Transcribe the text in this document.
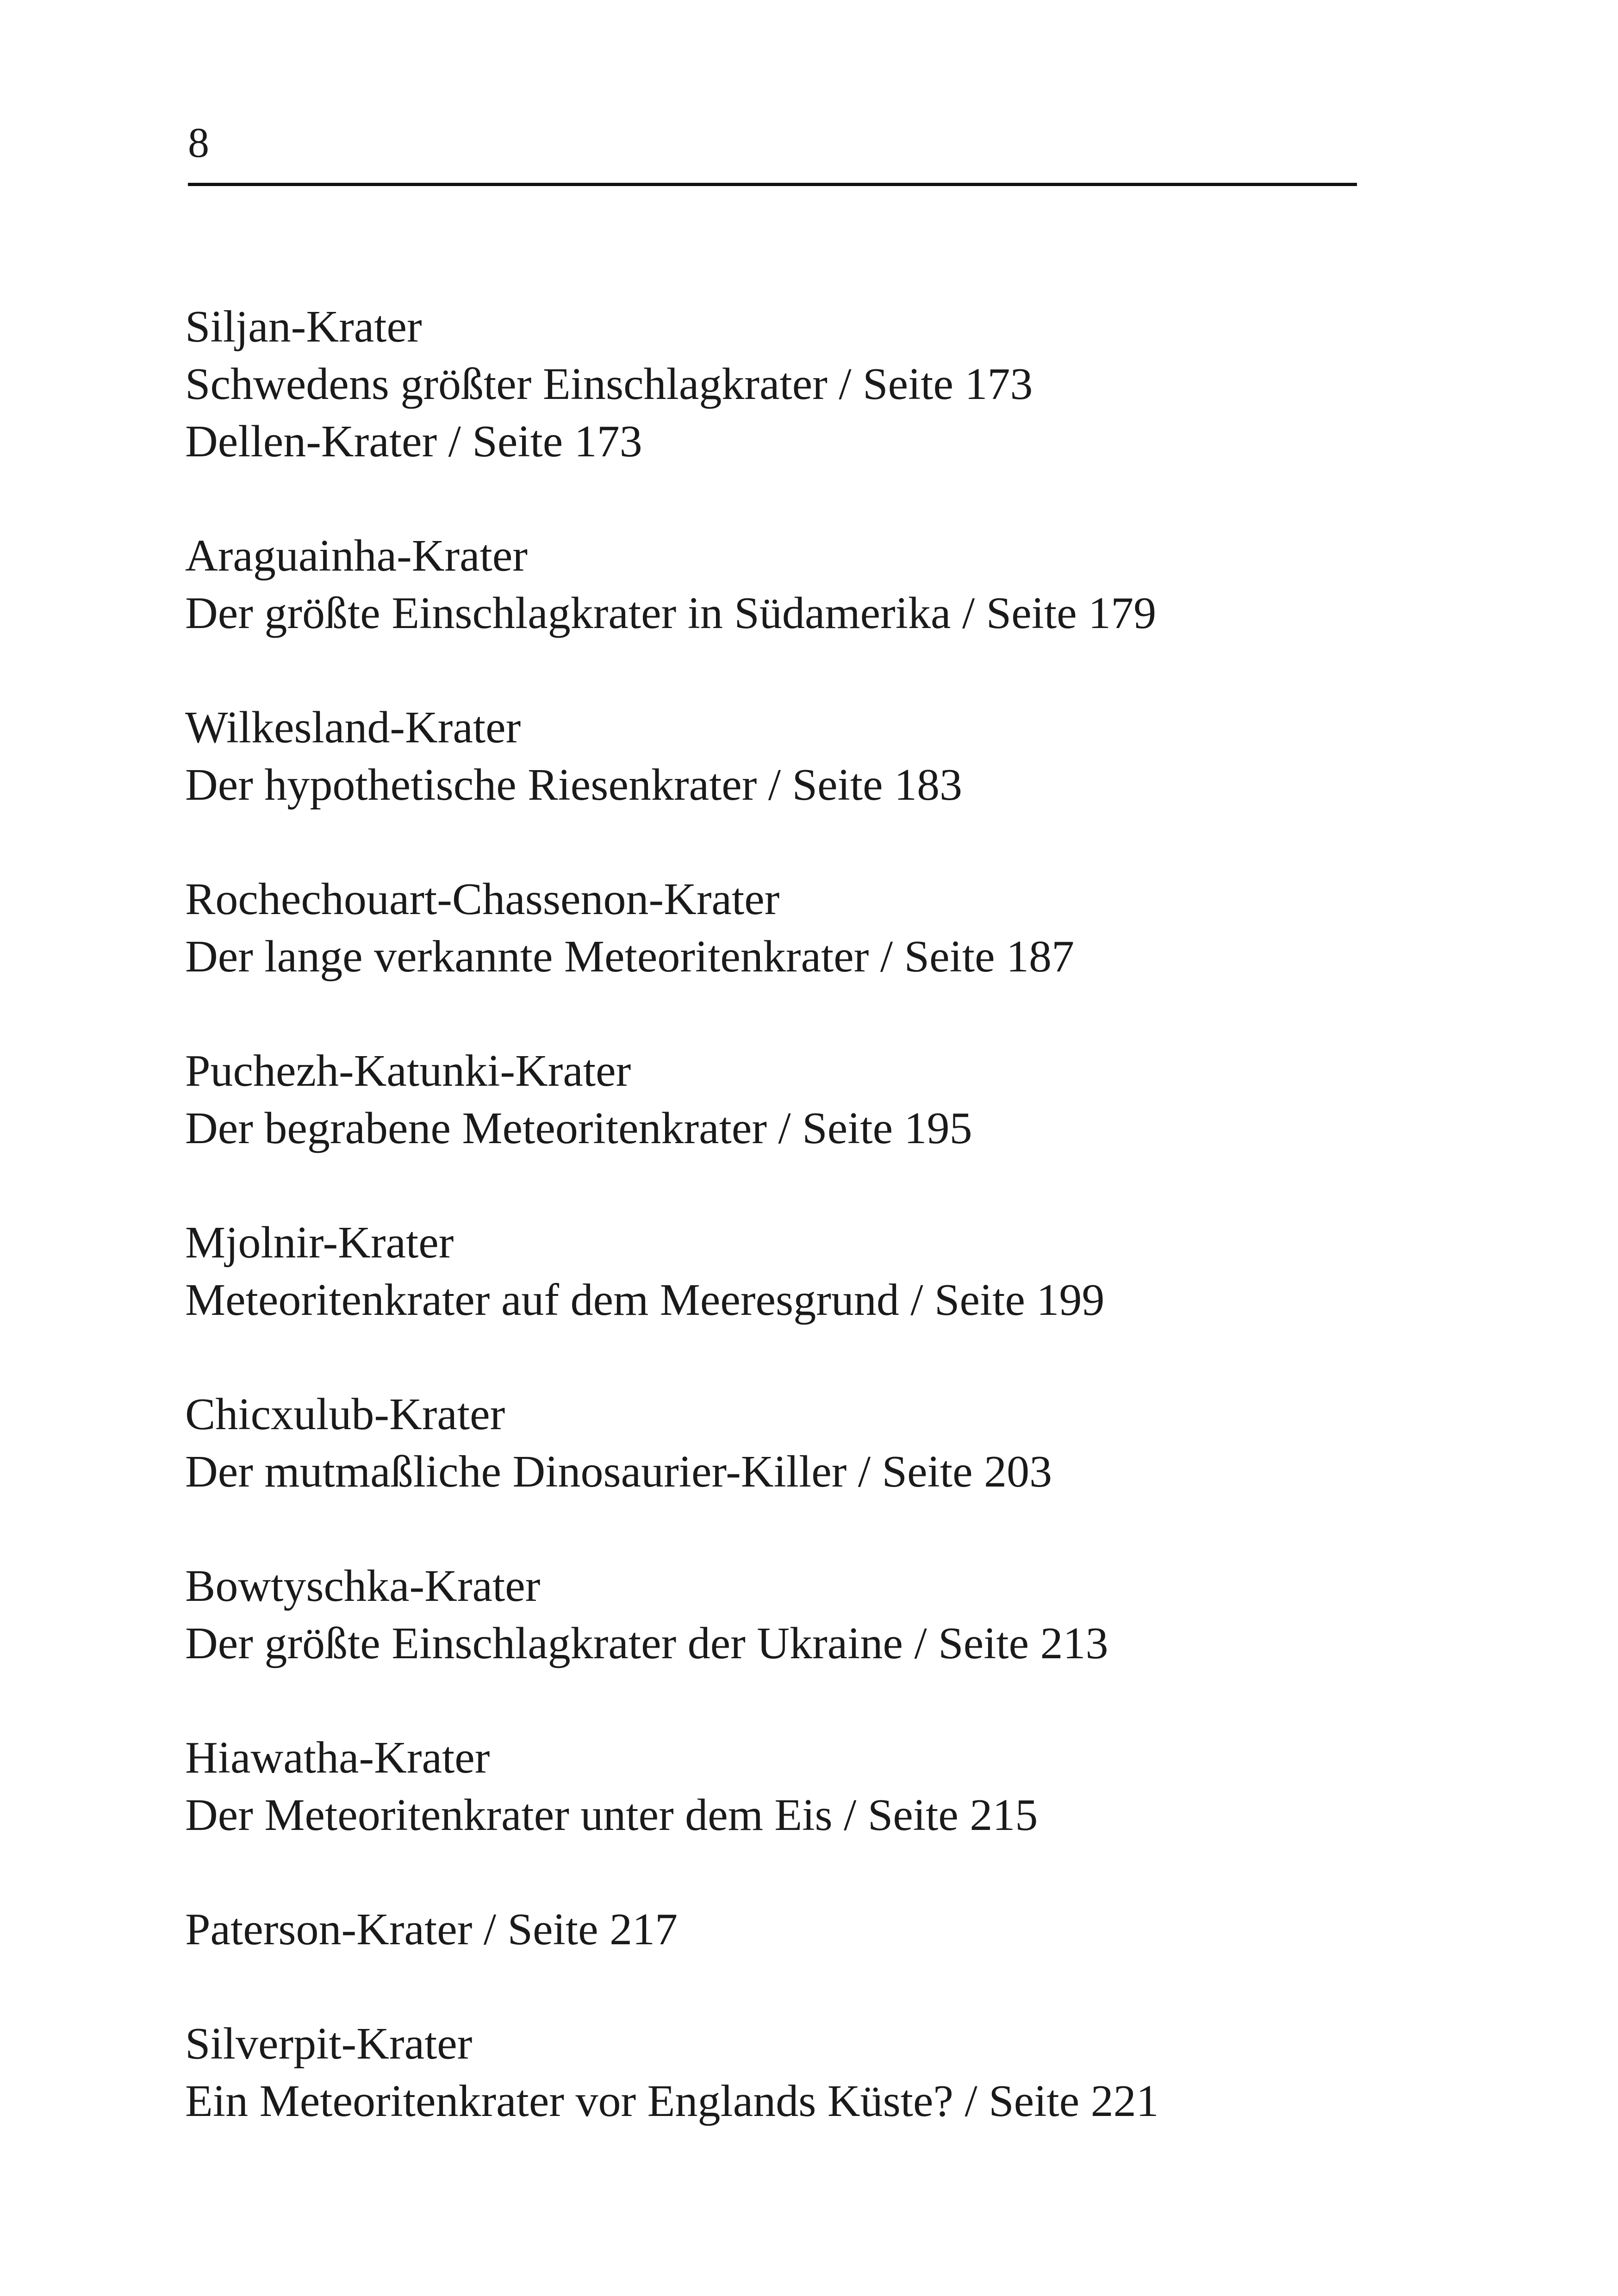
8
Siljan-Krater
Schwedens größter Einschlagkrater / Seite 173
Dellen-Krater / Seite 173
Araguainha-Krater
Der größte Einschlagkrater in Südamerika / Seite 179
Wilkesland-Krater
Der hypothetische Riesenkrater / Seite 183
Rochechouart-Chassenon-Krater
Der lange verkannte Meteoritenkrater / Seite 187
Puchezh-Katunki-Krater
Der begrabene Meteoritenkrater / Seite 195
Mjolnir-Krater
Meteoritenkrater auf dem Meeresgrund / Seite 199
Chicxulub-Krater
Der mutmaßliche Dinosaurier-Killer / Seite 203
Bowtyschka-Krater
Der größte Einschlagkrater der Ukraine / Seite 213
Hiawatha-Krater
Der Meteoritenkrater unter dem Eis / Seite 215
Paterson-Krater / Seite 217
Silverpit-Krater
Ein Meteoritenkrater vor Englands Küste? / Seite 221
